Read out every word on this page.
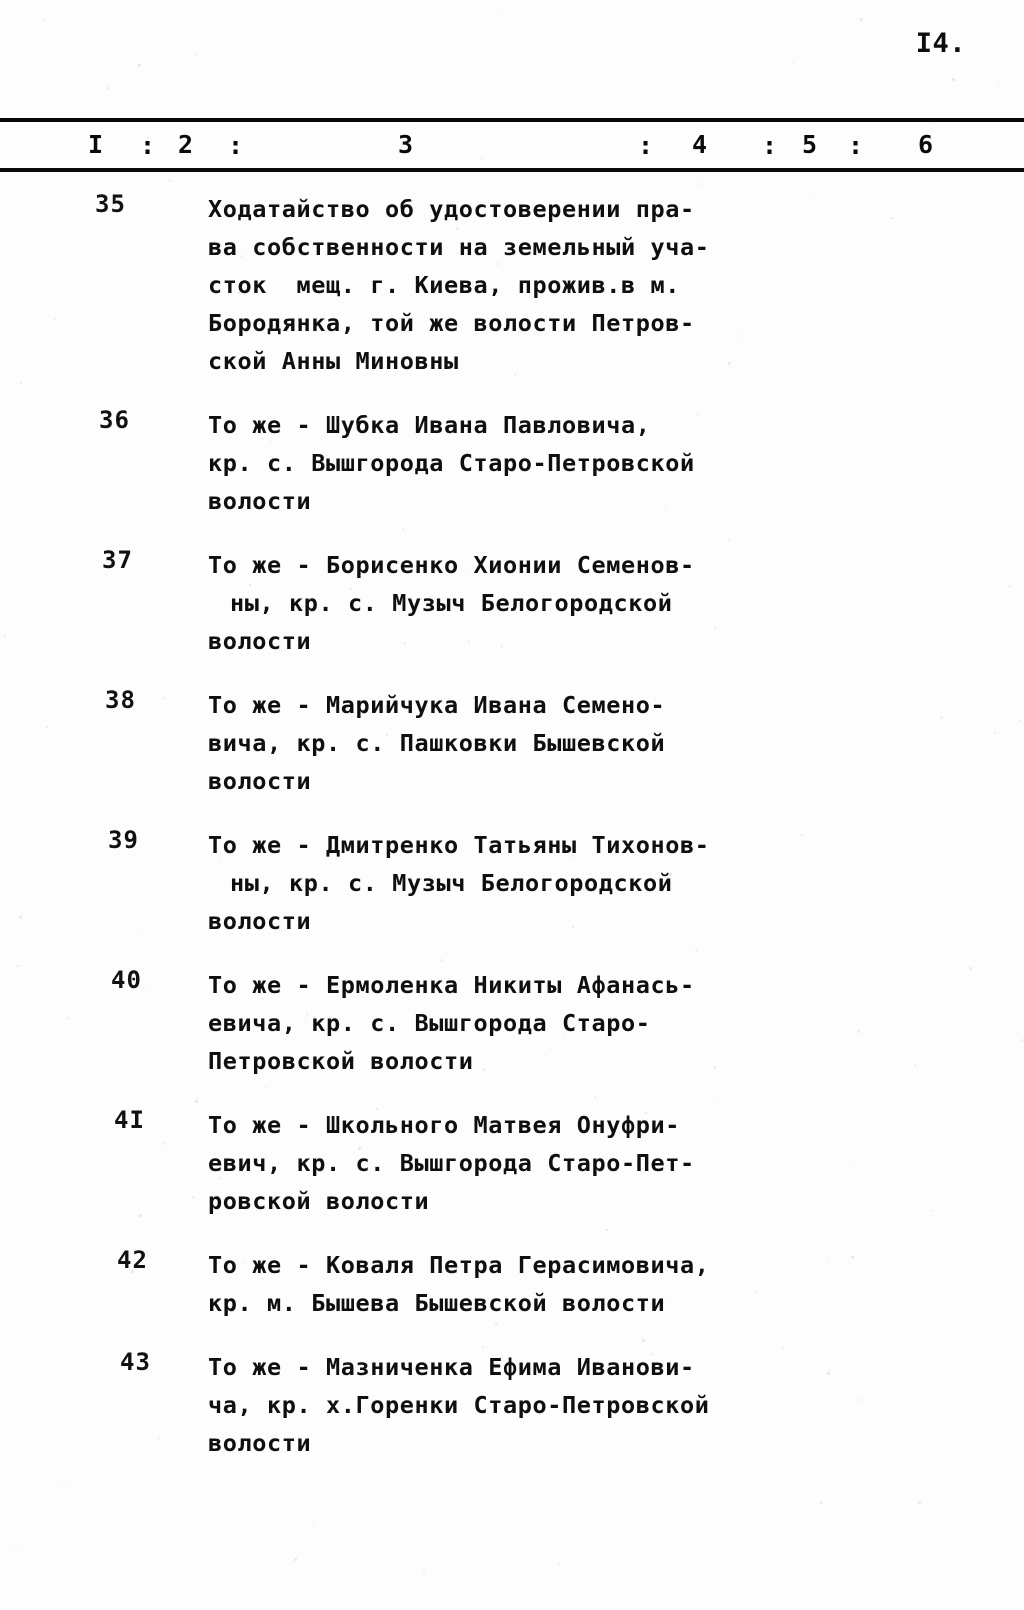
I4.
I	2	3	4	5	6
:	:	:	:	:
35	Ходатайство об удостоверении пра-
ва собственности на земельный уча-
сток  мещ. г. Киева, прожив.в м.
Бородянка, той же волости Петров-
ской Анны Миновны
36	То же - Шубка Ивана Павловича,
кр. с. Вышгорода Старо-Петровской
волости
37	То же - Борисенко Хионии Семенов-
ны, кр. с. Музыч Белогородской
волости
38	То же - Марийчука Ивана Семено-
вича, кр. с. Пашковки Бышевской
волости
39	То же - Дмитренко Татьяны Тихонов-
ны, кр. с. Музыч Белогородской
волости
40	То же - Ермоленка Никиты Афанась-
евича, кр. с. Вышгорода Старо-
Петровской волости
4I	То же - Школьного Матвея Онуфри-
евич, кр. с. Вышгорода Старо-Пет-
ровской волости
42	То же - Коваля Петра Герасимовича,
кр. м. Бышева Бышевской волости
43 То же - Мазниченка Ефима Иванови-
ча, кр. х.Горенки Старо-Петровской
волости
